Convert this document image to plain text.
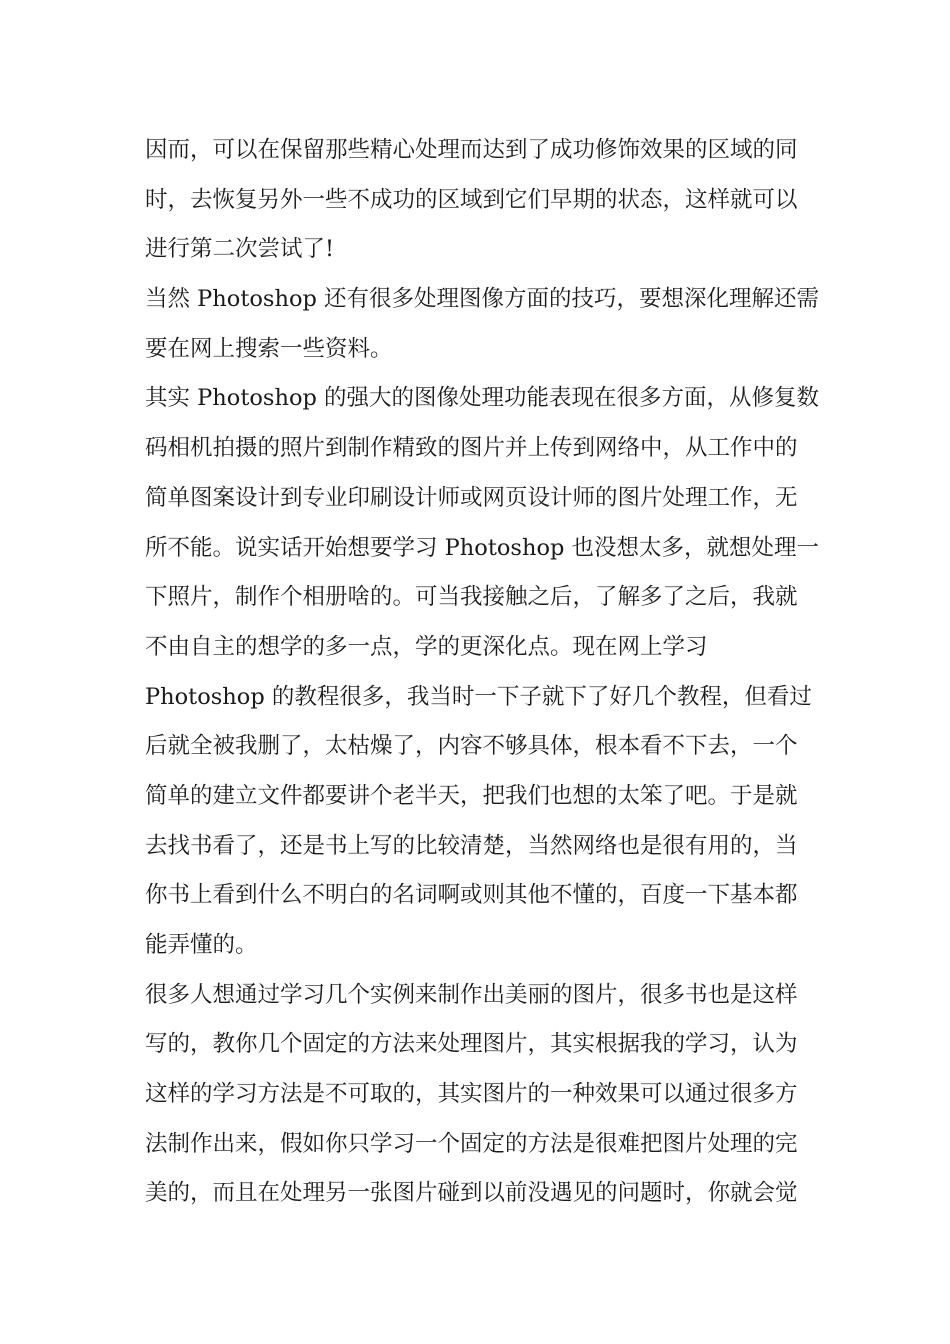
因而，可以在保留那些精心处理而达到了成功修饰效果的区域的同
时，去恢复另外一些不成功的区域到它们早期的状态，这样就可以
进行第二次尝试了!

当然 Photoshop 还有很多处理图像方面的技巧，要想深化理解还需
要在网上搜索一些资料。

其实 Photoshop 的强大的图像处理功能表现在很多方面，从修复数
码相机拍摄的照片到制作精致的图片并上传到网络中，从工作中的
简单图案设计到专业印刷设计师或网页设计师的图片处理工作，无
所不能。说实话开始想要学习 Photoshop 也没想太多，就想处理一
下照片，制作个相册啥的。可当我接触之后，了解多了之后，我就
不由自主的想学的多一点，学的更深化点。现在网上学习
Photoshop 的教程很多，我当时一下子就下了好几个教程，但看过
后就全被我删了，太枯燥了，内容不够具体，根本看不下去，一个
简单的建立文件都要讲个老半天，把我们也想的太笨了吧。于是就
去找书看了，还是书上写的比较清楚，当然网络也是很有用的，当
你书上看到什么不明白的名词啊或则其他不懂的，百度一下基本都
能弄懂的。

很多人想通过学习几个实例来制作出美丽的图片，很多书也是这样
写的，教你几个固定的方法来处理图片，其实根据我的学习，认为
这样的学习方法是不可取的，其实图片的一种效果可以通过很多方
法制作出来，假如你只学习一个固定的方法是很难把图片处理的完
美的，而且在处理另一张图片碰到以前没遇见的问题时，你就会觉
